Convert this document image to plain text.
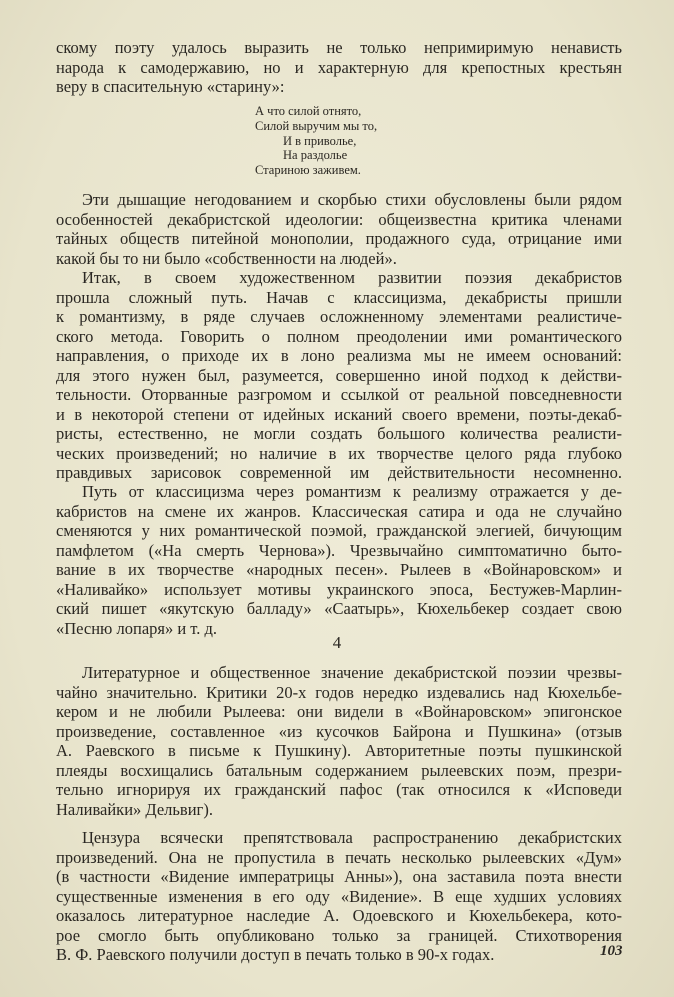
скому поэту удалось выразить не только непримиримую ненависть
народа к самодержавию, но и характерную для крепостных крестьян
веру в спасительную «старину»:
А что силой отнято,
Силой выручим мы то,
И в привольe,
На раздолье
Стариною заживем.
Эти дышащие негодованием и скорбью стихи обусловлены были рядом
особенностей декабристской идеологии: общеизвестна критика членами
тайных обществ питейной монополии, продажного суда, отрицание ими
какой бы то ни было «собственности на людей».
Итак, в своем художественном развитии поэзия декабристов
прошла сложный путь. Начав с классицизма, декабристы пришли
к романтизму, в ряде случаев осложненному элементами реалистиче-
ского метода. Говорить о полном преодолении ими романтического
направления, о приходе их в лоно реализма мы не имеем оснований:
для этого нужен был, разумеется, совершенно иной подход к действи-
тельности. Оторванные разгромом и ссылкой от реальной повседневности
и в некоторой степени от идейных исканий своего времени, поэты-декаб-
ристы, естественно, не могли создать большого количества реалисти-
ческих произведений; но наличие в их творчестве целого ряда глубоко
правдивых зарисовок современной им действительности несомненно.
Путь от классицизма через романтизм к реализму отражается у де-
кабристов на смене их жанров. Классическая сатира и ода не случайно
сменяются у них романтической поэмой, гражданской элегией, бичующим
памфлетом («На смерть Чернова»). Чрезвычайно симптоматично быто-
вание в их творчестве «народных песен». Рылеев в «Войнаровском» и
«Наливайко» использует мотивы украинского эпоса, Бестужев-Марлин-
ский пишет «якутскую балладу» «Саатырь», Кюхельбекер создает свою
«Песню лопаря» и т. д.
4
Литературное и общественное значение декабристской поэзии чрезвы-
чайно значительно. Критики 20-х годов нередко издевались над Кюхельбе-
кером и не любили Рылеева: они видели в «Войнаровском» эпигонское
произведение, составленное «из кусочков Байрона и Пушкина» (отзыв
А. Раевского в письме к Пушкину). Авторитетные поэты пушкинской
плеяды восхищались батальным содержанием рылеевских поэм, презри-
тельно игнорируя их гражданский пафос (так относился к «Исповеди
Наливайки» Дельвиг).
Цензура всячески препятствовала распространению декабристских
произведений. Она не пропустила в печать несколько рылеевских «Дум»
(в частности «Видение императрицы Анны»), она заставила поэта внести
существенные изменения в его оду «Видение». В еще худших условиях
оказалось литературное наследие А. Одоевского и Кюхельбекера, кото-
рое смогло быть опубликовано только за границей. Стихотворения
В. Ф. Раевского получили доступ в печать только в 90-х годах.	103
